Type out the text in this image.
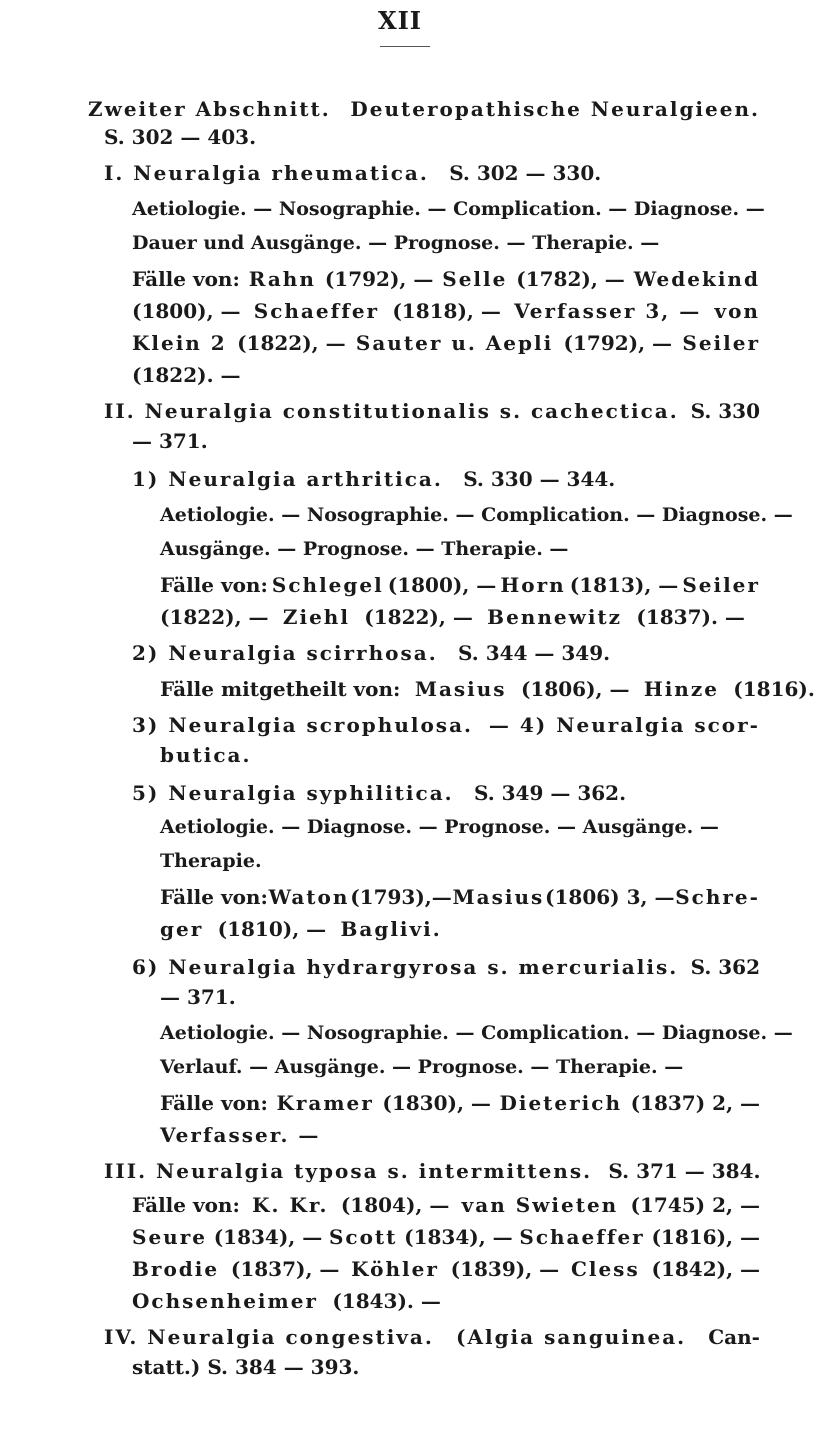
XII
Zweiter Abschnitt. Deuteropathische Neuralgieen.
S. 302 — 403.
I. Neuralgia rheumatica. S. 302 — 330.
Aetiologie. — Nosographie. — Complication. — Diagnose. —
Dauer und Ausgänge. — Prognose. — Therapie. —
Fälle von: Rahn (1792), — Selle (1782), — Wedekind
(1800), — Schaeffer (1818), — Verfasser 3, — von
Klein 2 (1822), — Sauter u. Aepli (1792), — Seiler
(1822). —
II. Neuralgia constitutionalis s. cachectica. S. 330
— 371.
1) Neuralgia arthritica. S. 330 — 344.
Aetiologie. — Nosographie. — Complication. — Diagnose. —
Ausgänge. — Prognose. — Therapie. —
Fälle von: Schlegel (1800), — Horn (1813), — Seiler
(1822), — Ziehl (1822), — Bennewitz (1837). —
2) Neuralgia scirrhosa. S. 344 — 349.
Fälle mitgetheilt von: Masius (1806), — Hinze (1816).
3) Neuralgia scrophulosa. — 4) Neuralgia scor-
butica.
5) Neuralgia syphilitica. S. 349 — 362.
Aetiologie. — Diagnose. — Prognose. — Ausgänge. —
Therapie.
Fälle von: Waton (1793),— Masius (1806) 3, — Schre-
ger (1810), — Baglivi.
6) Neuralgia hydrargyrosa s. mercurialis. S. 362
— 371.
Aetiologie. — Nosographie. — Complication. — Diagnose. —
Verlauf. — Ausgänge. — Prognose. — Therapie. —
Fälle von: Kramer (1830), — Dieterich (1837) 2, —
Verfasser. —
III. Neuralgia typosa s. intermittens. S. 371 — 384.
Fälle von: K. Kr. (1804), — van Swieten (1745) 2, —
Seure (1834), — Scott (1834), — Schaeffer (1816), —
Brodie (1837), — Köhler (1839), — Cless (1842), —
Ochsenheimer (1843). —
IV. Neuralgia congestiva. (Algia sanguinea. Can-
statt.) S. 384 — 393.
